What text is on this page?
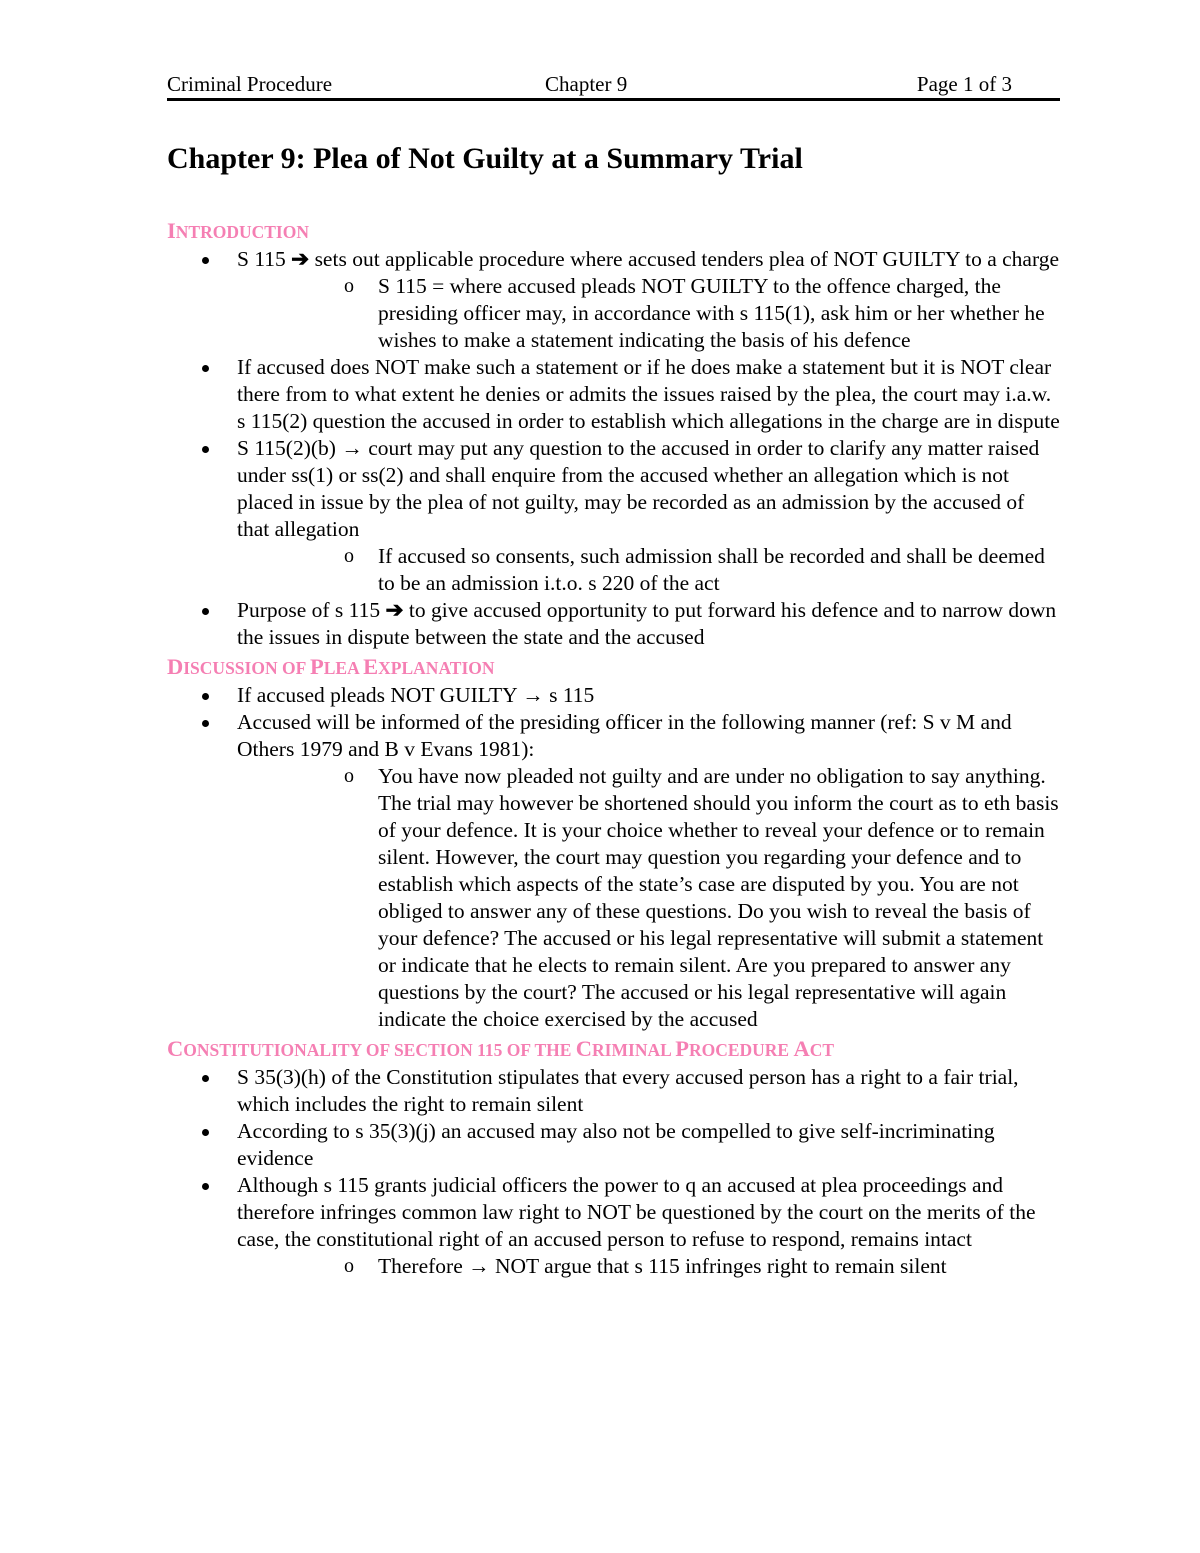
Criminal Procedure	Chapter 9	Page 1 of 3
Chapter 9: Plea of Not Guilty at a Summary Trial
INTRODUCTION
S 115 ➔ sets out applicable procedure where accused tenders plea of NOT GUILTY to a charge
o S 115 = where accused pleads NOT GUILTY to the offence charged, the presiding officer may, in accordance with s 115(1), ask him or her whether he wishes to make a statement indicating the basis of his defence
If accused does NOT make such a statement or if he does make a statement but it is NOT clear there from to what extent he denies or admits the issues raised by the plea, the court may i.a.w. s 115(2) question the accused in order to establish which allegations in the charge are in dispute
S 115(2)(b) → court may put any question to the accused in order to clarify any matter raised under ss(1) or ss(2) and shall enquire from the accused whether an allegation which is not placed in issue by the plea of not guilty, may be recorded as an admission by the accused of that allegation
o If accused so consents, such admission shall be recorded and shall be deemed to be an admission i.t.o. s 220 of the act
Purpose of s 115 ➔ to give accused opportunity to put forward his defence and to narrow down the issues in dispute between the state and the accused
DISCUSSION OF PLEA EXPLANATION
If accused pleads NOT GUILTY → s 115
Accused will be informed of the presiding officer in the following manner (ref: S v M and Others 1979 and B v Evans 1981):
o You have now pleaded not guilty and are under no obligation to say anything. The trial may however be shortened should you inform the court as to eth basis of your defence. It is your choice whether to reveal your defence or to remain silent. However, the court may question you regarding your defence and to establish which aspects of the state’s case are disputed by you. You are not obliged to answer any of these questions. Do you wish to reveal the basis of your defence? The accused or his legal representative will submit a statement or indicate that he elects to remain silent. Are you prepared to answer any questions by the court? The accused or his legal representative will again indicate the choice exercised by the accused
CONSTITUTIONALITY OF SECTION 115 OF THE CRIMINAL PROCEDURE ACT
S 35(3)(h) of the Constitution stipulates that every accused person has a right to a fair trial, which includes the right to remain silent
According to s 35(3)(j) an accused may also not be compelled to give self-incriminating evidence
Although s 115 grants judicial officers the power to q an accused at plea proceedings and therefore infringes common law right to NOT be questioned by the court on the merits of the case, the constitutional right of an accused person to refuse to respond, remains intact
o Therefore → NOT argue that s 115 infringes right to remain silent
